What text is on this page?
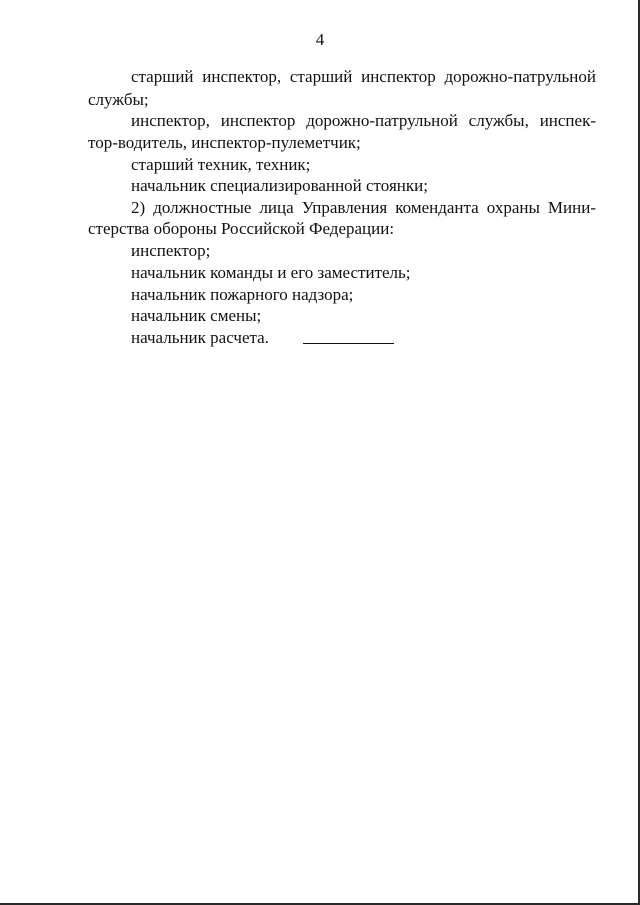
4
старший инспектор, старший инспектор дорожно-патрульной
службы;
инспектор, инспектор дорожно-патрульной службы, инспек-
тор-водитель, инспектор-пулеметчик;
старший техник, техник;
начальник специализированной стоянки;
2) должностные лица Управления коменданта охраны Мини-
стерства обороны Российской Федерации:
инспектор;
начальник команды и его заместитель;
начальник пожарного надзора;
начальник смены;
начальник расчета.
